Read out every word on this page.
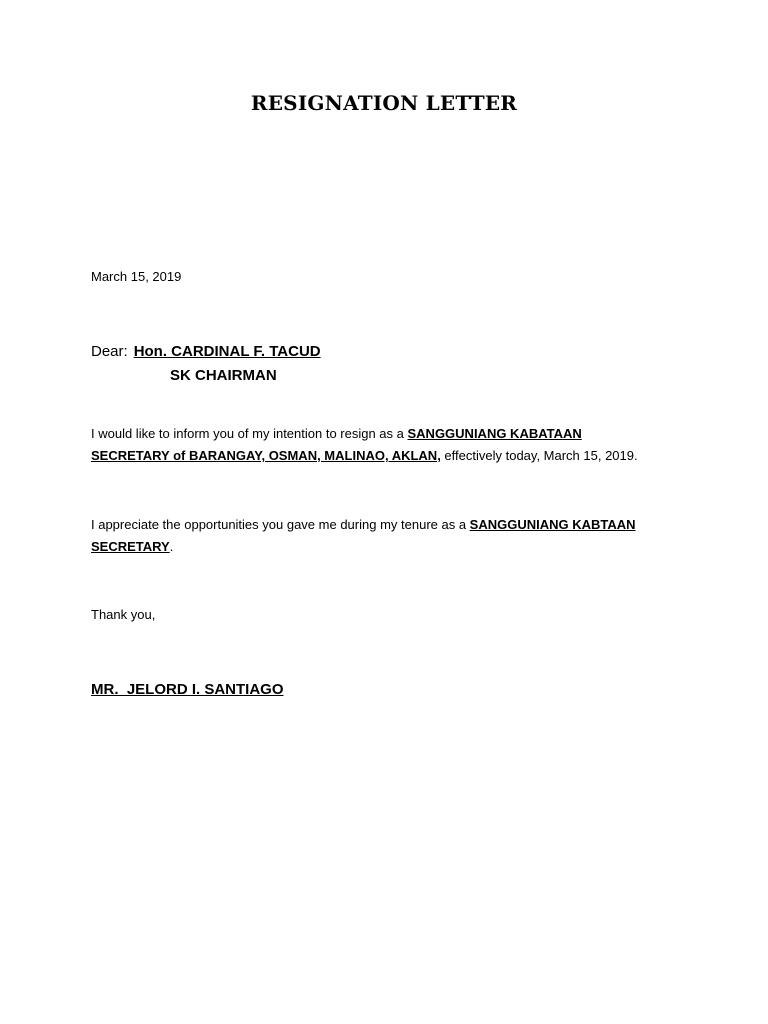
RESIGNATION LETTER

March 15, 2019

Dear: Hon. CARDINAL F. TACUD

SK CHAIRMAN

I would like to inform you of my intention to resign as a SANGGUNIANG KABATAAN
SECRETARY of BARANGAY, OSMAN, MALINAO, AKLAN, effectively today, March 15, 2019.

I appreciate the opportunities you gave me during my tenure as a SANGGUNIANG KABTAAN
SECRETARY.

Thank you,

MR.  JELORD I. SANTIAGO
